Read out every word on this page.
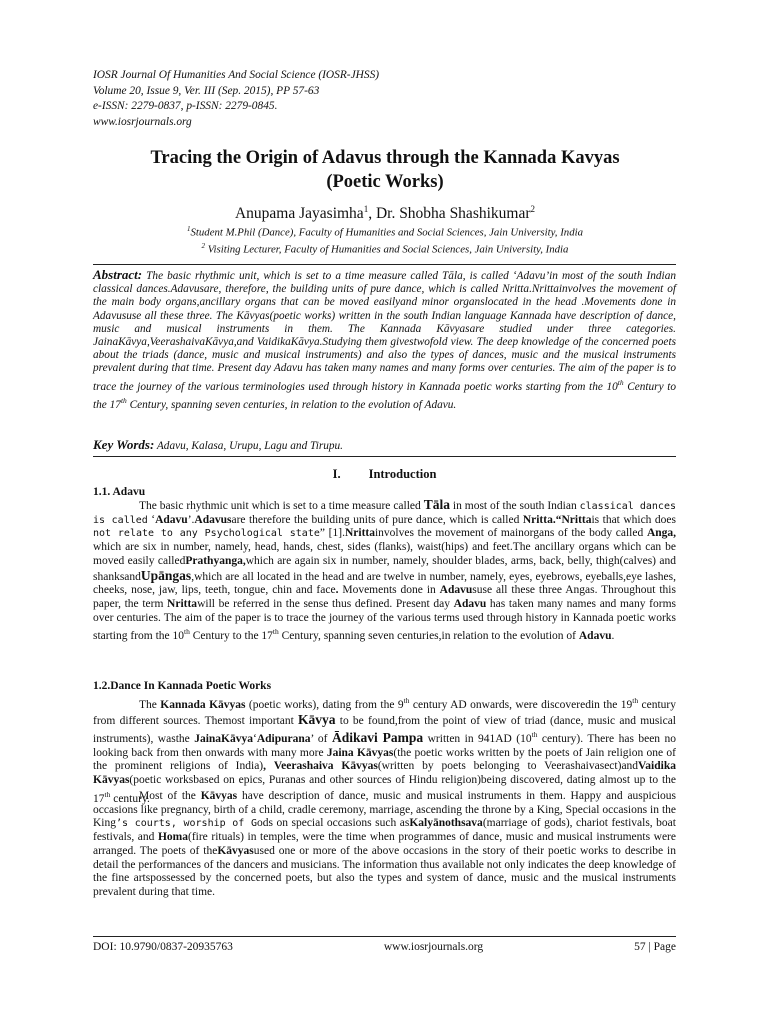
IOSR Journal Of Humanities And Social Science (IOSR-JHSS)
Volume 20, Issue 9, Ver. III (Sep. 2015), PP 57-63
e-ISSN: 2279-0837, p-ISSN: 2279-0845.
www.iosrjournals.org
Tracing the Origin of Adavus through the Kannada Kavyas
(Poetic Works)
Anupama Jayasimha$^1$, Dr. Shobha Shashikumar$^2$
$^1$Student M.Phil (Dance), Faculty of Humanities and Social Sciences, Jain University, India
$^2$ Visiting Lecturer, Faculty of Humanities and Social Sciences, Jain University, India
Abstract: The basic rhythmic unit, which is set to a time measure called Tāla, is called ‘Adavu’in most of the south Indian classical dances.Adavusare, therefore, the building units of pure dance, which is called Nritta.Nrittainvolves the movement of the main body organs,ancillary organs that can be moved easilyand minor organslocated in the head .Movements done in Adavususe all these three. The Kāvyas(poetic works) written in the south Indian language Kannada have description of dance, music and musical instruments in them. The Kannada Kāvyasare studied under three categories. JainaKāvya,VeerashaivaKāvya,and VaidikaKāvya.Studying them givestwofold view. The deep knowledge of the concerned poets about the triads (dance, music and musical instruments) and also the types of dances, music and the musical instruments prevalent during that time. Present day Adavu has taken many names and many forms over centuries. The aim of the paper is to trace the journey of the various terminologies used through history in Kannada poetic works starting from the 10th Century to the 17th Century, spanning seven centuries, in relation to the evolution of Adavu.
Key Words: Adavu, Kalasa, Urupu, Lagu and Tirupu.
I. Introduction
1.1. Adavu
The basic rhythmic unit which is set to a time measure called Tāla in most of the south Indian classical dances is called ‘Adavu’.Adavusare therefore the building units of pure dance, which is called Nritta.“Nrittais that which does not relate to any Psychological state” [1].Nrittainvolves the movement of mainorgans of the body called Anga, which are six in number, namely, head, hands, chest, sides (flanks), waist(hips) and feet.The ancillary organs which can be moved easily calledPrathyanga,which are again six in number, namely, shoulder blades, arms, back, belly, thigh(calves) and shanksandUpāngas,which are all located in the head and are twelve in number, namely, eyes, eyebrows, eyeballs,eye lashes, cheeks, nose, jaw, lips, teeth, tongue, chin and face. Movements done in Adavususe all these three Angas. Throughout this paper, the term Nrittawill be referred in the sense thus defined. Present day Adavu has taken many names and many forms over centuries. The aim of the paper is to trace the journey of the various terms used through history in Kannada poetic works starting from the 10th Century to the 17th Century, spanning seven centuries,in relation to the evolution of Adavu.
1.2.Dance In Kannada Poetic Works
The Kannada Kāvyas (poetic works), dating from the 9th century AD onwards, were discoveredin the 19th century from different sources. Themost important Kāvya to be found,from the point of view of triad (dance, music and musical instruments), wasthe JainaKāvya‘Adipurana’ of Ādikavi Pampa written in 941AD (10th century). There has been no looking back from then onwards with many more Jaina Kāvyas(the poetic works written by the poets of Jain religion one of the prominent religions of India), Veerashaiva Kāvyas(written by poets belonging to Veerashaivasect)andVaidika Kāvyas(poetic worksbased on epics, Puranas and other sources of Hindu religion)being discovered, dating almost up to the 17th century.
Most of the Kāvyas have description of dance, music and musical instruments in them. Happy and auspicious occasions like pregnancy, birth of a child, cradle ceremony, marriage, ascending the throne by a King, Special occasions in the King’s courts, worship of Gods on special occasions such asKalyānothsava(marriage of gods), chariot festivals, boat festivals, and Homa(fire rituals) in temples, were the time when programmes of dance, music and musical instruments were arranged. The poets of theKāvyasused one or more of the above occasions in the story of their poetic works to describe in detail the performances of the dancers and musicians. The information thus available not only indicates the deep knowledge of the fine artspossessed by the concerned poets, but also the types and system of dance, music and the musical instruments prevalent during that time.
DOI: 10.9790/0837-20935763	www.iosrjournals.org	57 | Page
